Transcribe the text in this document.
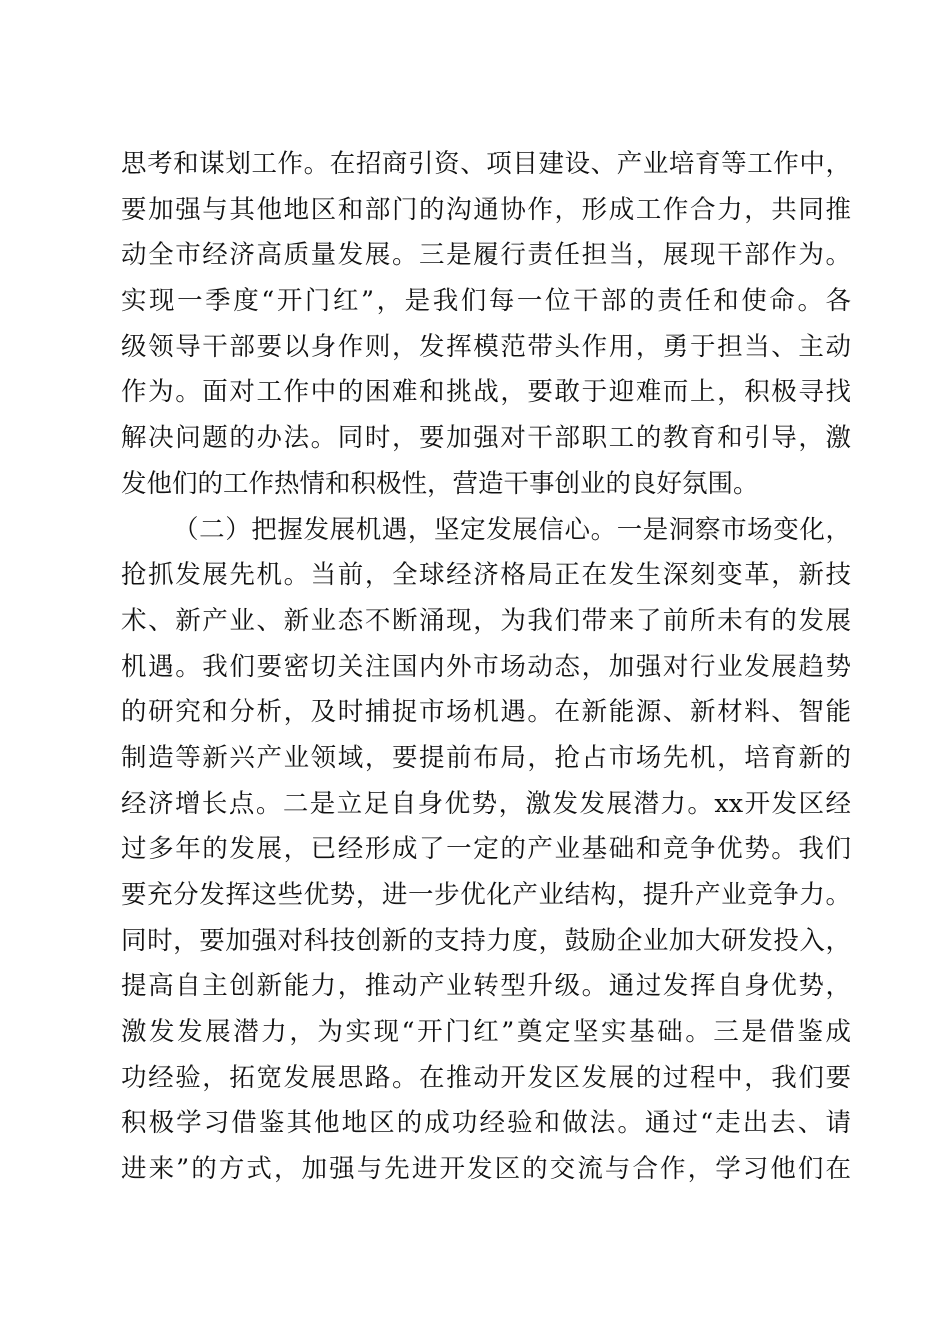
思考和谋划工作。在招商引资、项目建设、产业培育等工作中，
要加强与其他地区和部门的沟通协作，形成工作合力，共同推
动全市经济高质量发展。三是履行责任担当，展现干部作为。
实现一季度“开门红”，是我们每一位干部的责任和使命。各
级领导干部要以身作则，发挥模范带头作用，勇于担当、主动
作为。面对工作中的困难和挑战，要敢于迎难而上，积极寻找
解决问题的办法。同时，要加强对干部职工的教育和引导，激
发他们的工作热情和积极性，营造干事创业的良好氛围。
（二）把握发展机遇，坚定发展信心。一是洞察市场变化，
抢抓发展先机。当前，全球经济格局正在发生深刻变革，新技
术、新产业、新业态不断涌现，为我们带来了前所未有的发展
机遇。我们要密切关注国内外市场动态，加强对行业发展趋势
的研究和分析，及时捕捉市场机遇。在新能源、新材料、智能
制造等新兴产业领域，要提前布局，抢占市场先机，培育新的
经济增长点。二是立足自身优势，激发发展潜力。xx开发区经
过多年的发展，已经形成了一定的产业基础和竞争优势。我们
要充分发挥这些优势，进一步优化产业结构，提升产业竞争力。
同时，要加强对科技创新的支持力度，鼓励企业加大研发投入，
提高自主创新能力，推动产业转型升级。通过发挥自身优势，
激发发展潜力，为实现“开门红”奠定坚实基础。三是借鉴成
功经验，拓宽发展思路。在推动开发区发展的过程中，我们要
积极学习借鉴其他地区的成功经验和做法。通过“走出去、请
进来”的方式，加强与先进开发区的交流与合作，学习他们在
